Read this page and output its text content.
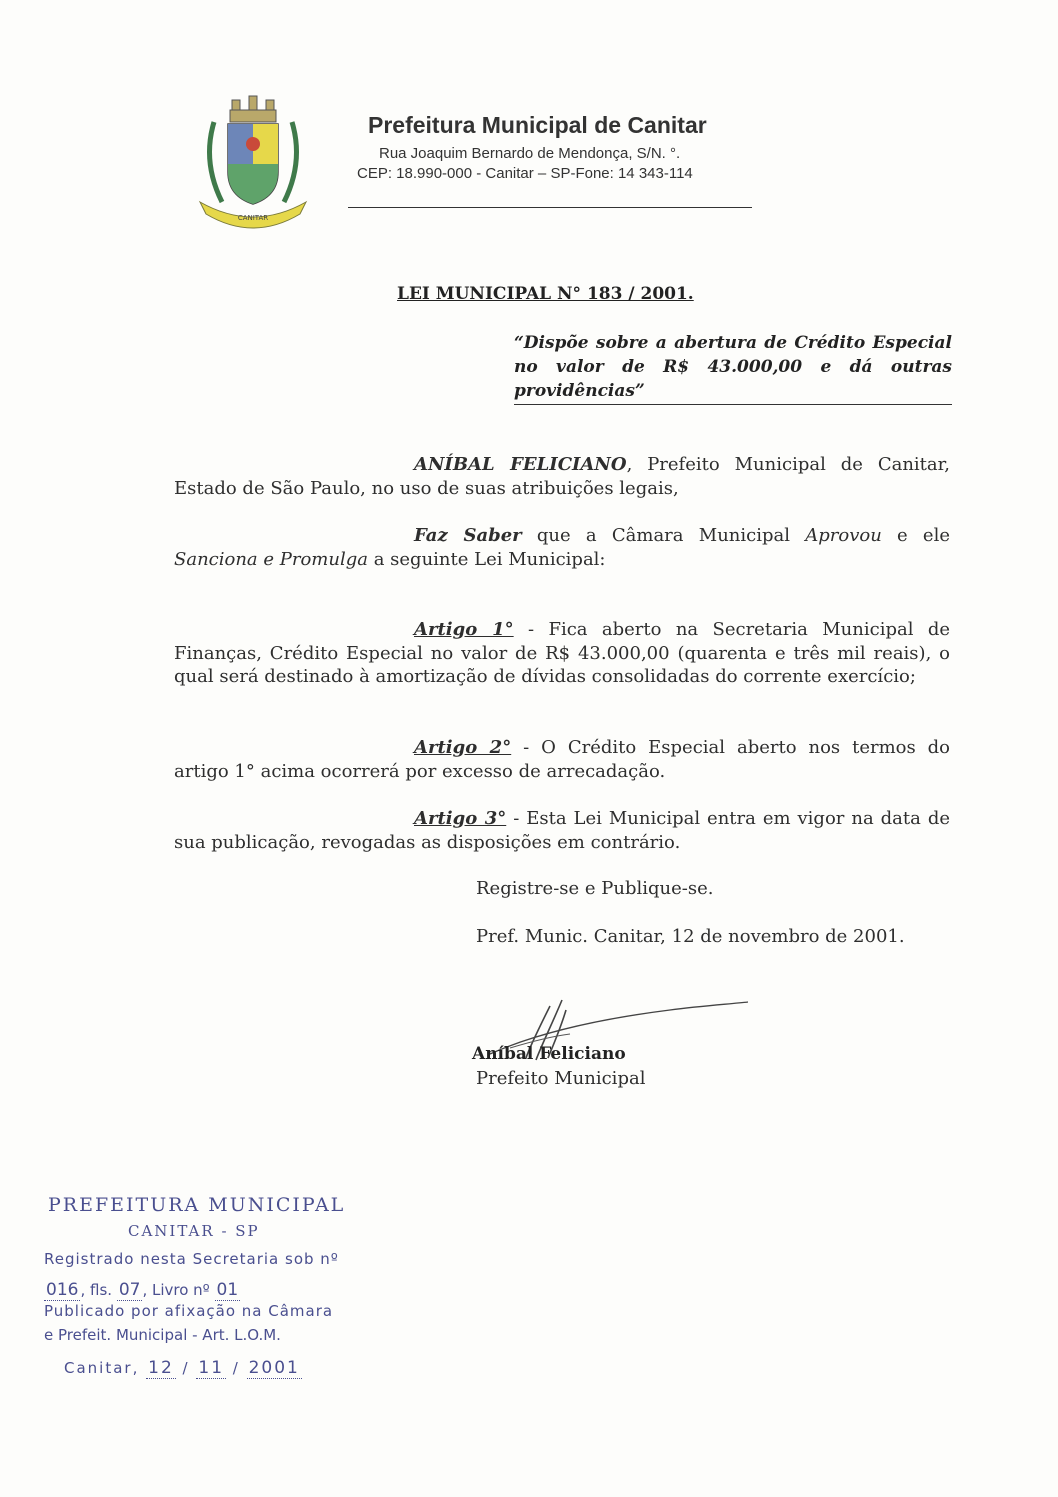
CANITAR
Prefeitura Municipal de Canitar
Rua Joaquim Bernardo de Mendonça, S/N. °.
CEP: 18.990-000 - Canitar – SP-Fone: 14 343-114
LEI MUNICIPAL N° 183 / 2001.
“Dispõe sobre a abertura de Crédito Especial no valor de R$ 43.000,00 e dá outras providências”
ANÍBAL FELICIANO, Prefeito Municipal de Canitar, Estado de São Paulo, no uso de suas atribuições legais,
Faz Saber que a Câmara Municipal Aprovou e ele Sanciona e Promulga a seguinte Lei Municipal:
Artigo 1° - Fica aberto na Secretaria Municipal de Finanças, Crédito Especial no valor de R$ 43.000,00 (quarenta e três mil reais), o qual será destinado à amortização de dívidas consolidadas do corrente exercício;
Artigo 2° - O Crédito Especial aberto nos termos do artigo 1° acima ocorrerá por excesso de arrecadação.
Artigo 3° - Esta Lei Municipal entra em vigor na data de sua publicação, revogadas as disposições em contrário.
Registre-se e Publique-se.
Pref. Munic. Canitar, 12 de novembro de 2001.
Aníbal Feliciano
Prefeito Municipal
PREFEITURA MUNICIPAL
CANITAR - SP
Registrado nesta Secretaria sob nº
016 , fls. 07 , Livro nº 01
Publicado por afixação na Câmara
e Prefeit. Municipal - Art. L.O.M.
Canitar, 12 / 11 / 2001
